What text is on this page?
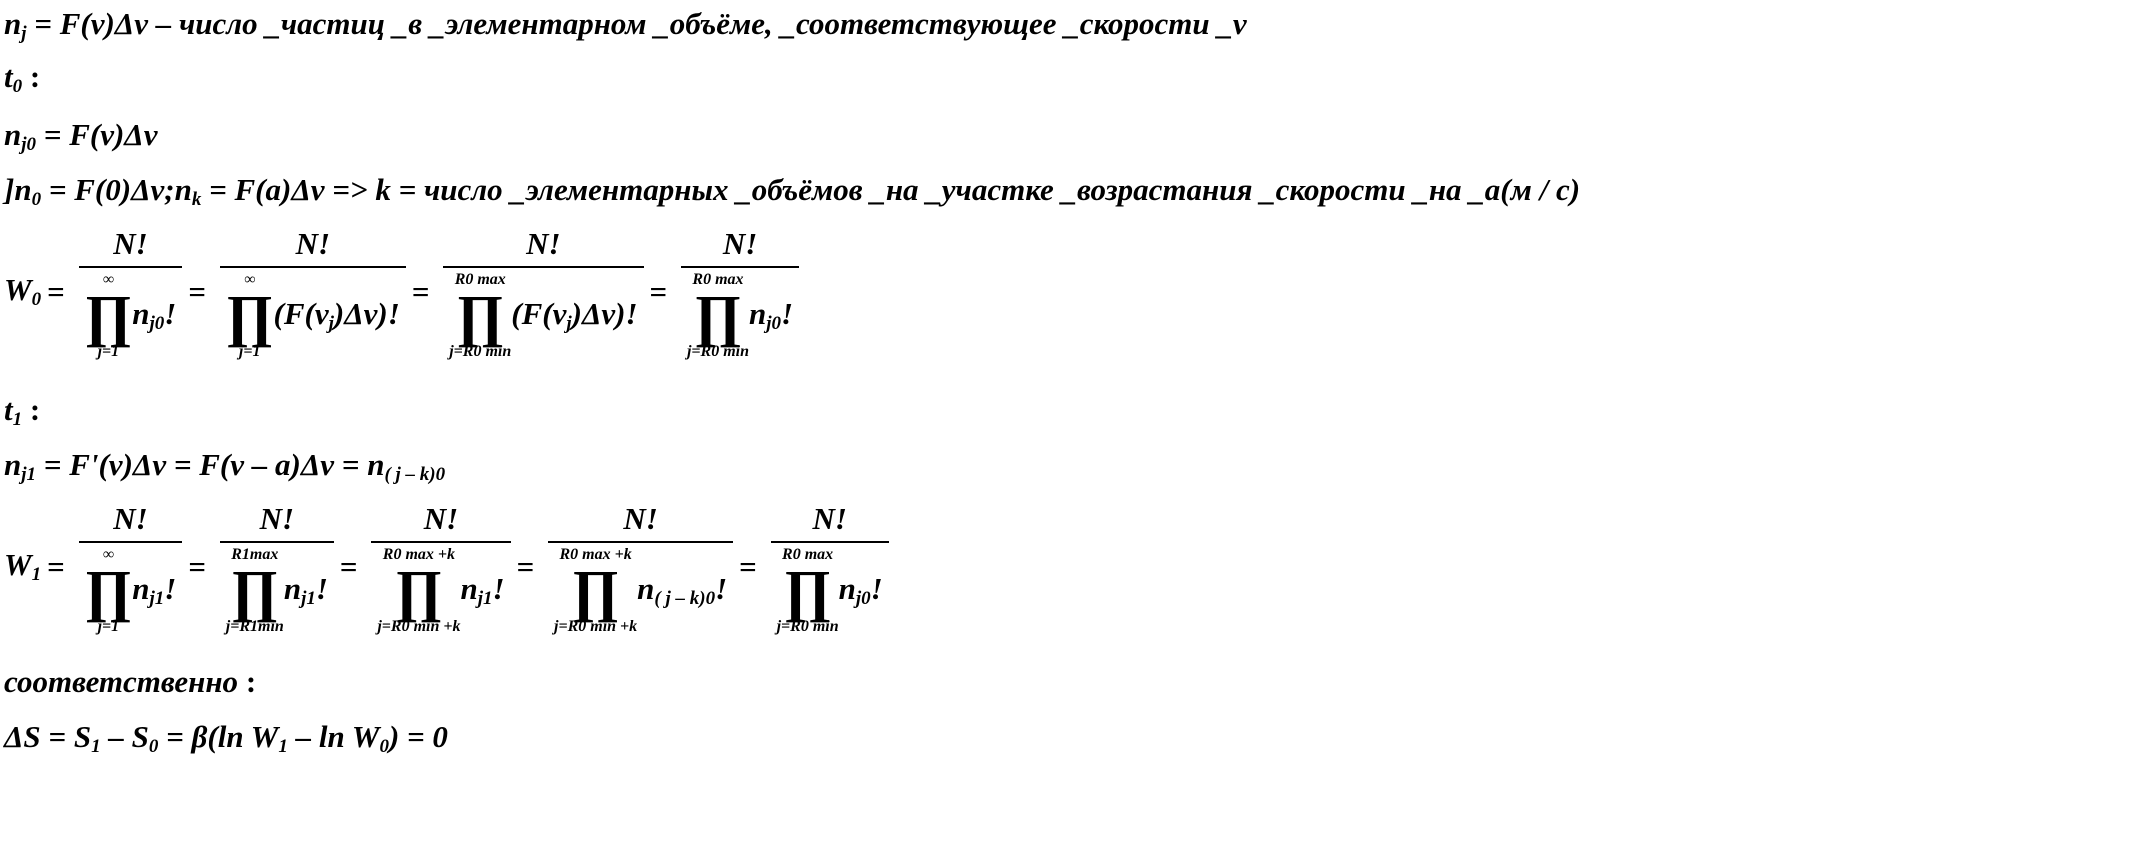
nj = F(v)Δv – число _частиц _в _элементарном _объёме, _соответствующее _скорости _v
t0 :
nj0 = F(v)Δv
]n0 = F(0)Δv;nk = F(a)Δv => k = число _элементарных _объёмов _на _участке _возрастания _скорости _на _a(м / с)
W0 = N!
∞
∏
j=1
nj0! = N!
∞
∏
j=1
(F(vj)Δv)! = N!
R0 max
∏
j=R0 min
(F(vj)Δv)! = N!
R0 max
∏
j=R0 min
nj0!
t1 :
nj1 = F'(v)Δv = F(v – a)Δv = n( j – k)0
W1 = N!
∞
∏
j=1
nj1! = N!
R1max
∏
j=R1min
nj1! = N!
R0 max +k
∏
j=R0 min +k
nj1! = N!
R0 max +k
∏
j=R0 min +k
n( j – k)0! = N!
R0 max
∏
j=R0 min
nj0!
соответственно :
ΔS = S1 – S0 = β(ln W1 – ln W0) = 0
